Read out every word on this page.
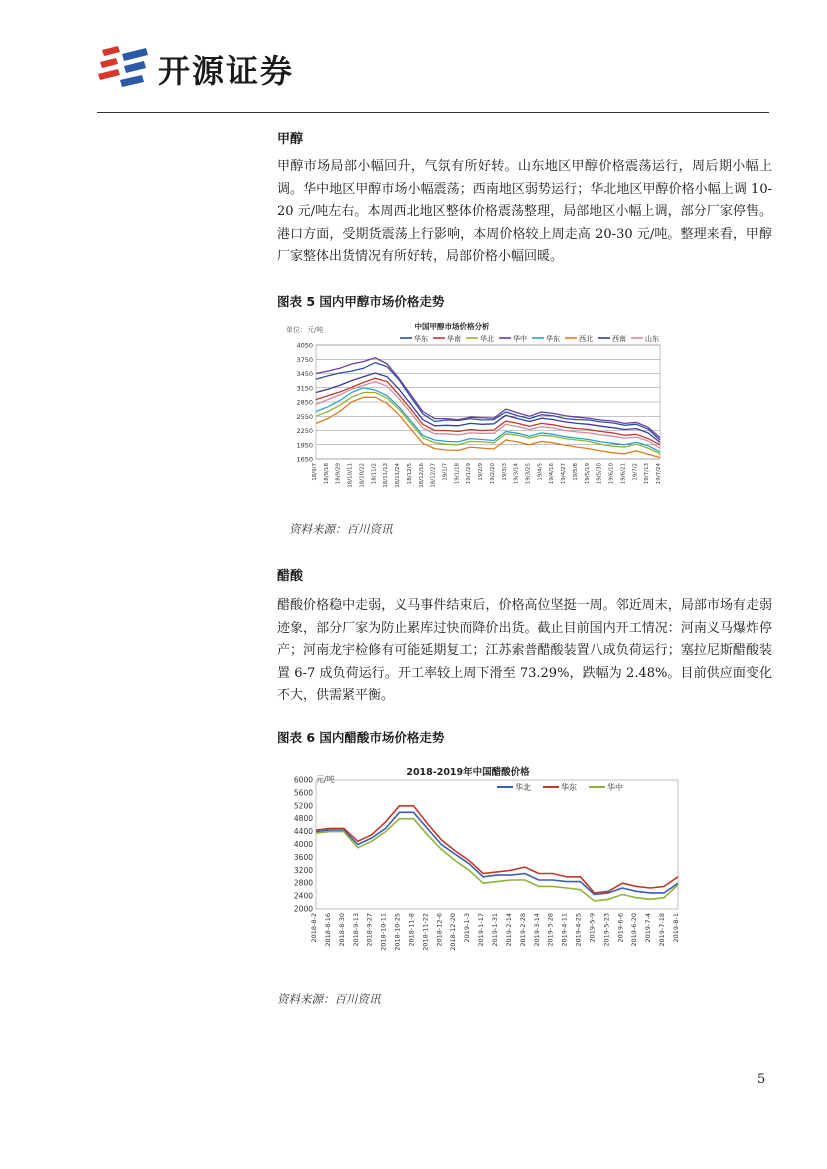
开源证券
甲醇
甲醇市场局部小幅回升，气氛有所好转。山东地区甲醇价格震荡运行，周后期小幅上调。华中地区甲醇市场小幅震荡；西南地区弱势运行；华北地区甲醇价格小幅上调 10-20 元/吨左右。本周西北地区整体价格震荡整理，局部地区小幅上调，部分厂家停售。港口方面，受期货震荡上行影响，本周价格较上周走高 20-30 元/吨。整理来看，甲醇厂家整体出货情况有所好转，局部价格小幅回暖。
图表 5 国内甲醇市场价格走势
单位：元/吨	中国甲醇市场价格分析
1650
1950
2250
2550
2850
3150
3450
3750
4050
18/9/7 18/9/18 18/9/29 18/10/11 18/10/22 18/11/2 18/11/13 18/11/24 18/12/5 18/12/16 18/12/27 19/1/7 19/1/18 19/1/29 19/2/9 19/2/20 19/3/3 19/3/14 19/3/25 19/4/5 19/4/16 19/4/27 19/5/8 19/5/19 19/5/30 19/6/10 19/6/21 19/7/2 19/7/13 19/7/24
华东	华南	华北	华中	华东	西北	西南	山东
资料来源：百川资讯
醋酸
醋酸价格稳中走弱，义马事件结束后，价格高位坚挺一周。邻近周末，局部市场有走弱迹象，部分厂家为防止累库过快而降价出货。截止目前国内开工情况：河南义马爆炸停产；河南龙宇检修有可能延期复工；江苏索普醋酸装置八成负荷运行；塞拉尼斯醋酸装置 6-7 成负荷运行。开工率较上周下滑至 73.29%，跌幅为 2.48%。目前供应面变化不大，供需紧平衡。
图表 6 国内醋酸市场价格走势
2018-2019年中国醋酸价格
元/吨
2000
2400
2800
3200
3600
4000
4400
4800
5200
5600
6000
2018-8-2 2018-8-16 2018-8-30 2018-9-13 2018-9-27 2018-10-11 2018-10-25 2018-11-8 2018-11-22 2018-12-6 2018-12-20 2019-1-3 2019-1-17 2019-1-31 2019-2-14 2019-2-28 2019-3-14 2019-3-28 2019-4-11 2019-4-25 2019-5-9 2019-5-23 2019-6-6 2019-6-20 2019-7-4 2019-7-18 2019-8-1
华北	华东	华中
资料来源：百川资讯
5
